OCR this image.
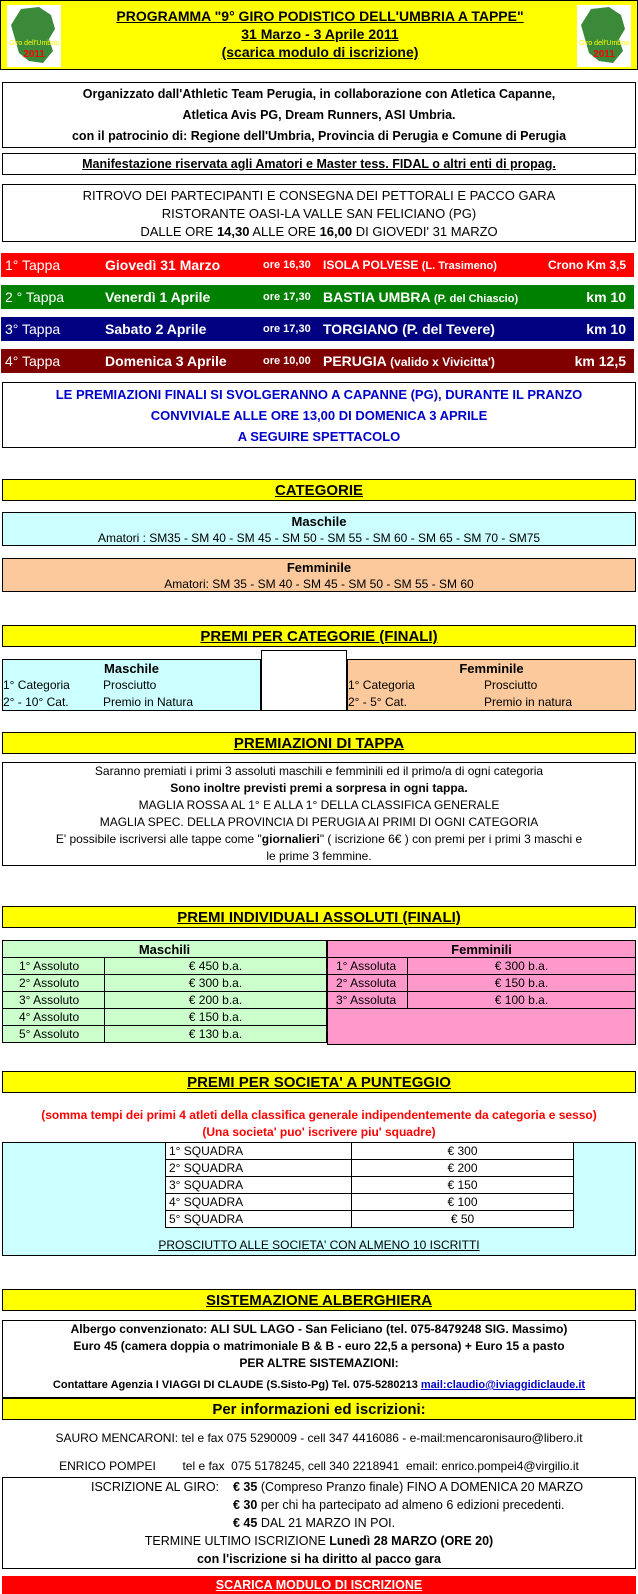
Giro dell'Umbria
2011
PROGRAMMA "9° GIRO PODISTICO DELL'UMBRIA A TAPPE"
31 Marzo - 3 Aprile 2011
(scarica modulo di iscrizione)
Giro dell'Umbria
2011
Organizzato dall'Athletic Team Perugia, in collaborazione con Atletica Capanne,
Atletica Avis PG, Dream Runners, ASI Umbria.
con il patrocinio di: Regione dell'Umbria, Provincia di Perugia e Comune di Perugia
Manifestazione riservata agli Amatori e Master tess. FIDAL o altri enti di propag.
RITROVO DEI PARTECIPANTI E CONSEGNA DEI PETTORALI E PACCO GARA
RISTORANTE OASI-LA VALLE SAN FELICIANO (PG)
DALLE ORE 14,30 ALLE ORE 16,00 DI GIOVEDI' 31 MARZO
1° Tappa	Giovedì 31 Marzo	ore 16,30 ISOLA POLVESE (L. Trasimeno)	Crono Km 3,5
2 ° Tappa	Venerdì 1 Aprile	ore 17,30 BASTIA UMBRA (P. del Chiascio)	km 10
3° Tappa	Sabato 2 Aprile	ore 17,30 TORGIANO (P. del Tevere)	km 10
4° Tappa	Domenica 3 Aprile	ore 10,00 PERUGIA (valido x Vivicitta')	km 12,5
LE PREMIAZIONI FINALI SI SVOLGERANNO A CAPANNE (PG), DURANTE IL PRANZO
CONVIVIALE ALLE ORE 13,00 DI DOMENICA 3 APRILE
A SEGUIRE SPETTACOLO
CATEGORIE
Maschile
Amatori : SM35 - SM 40 - SM 45 - SM 50 - SM 55 - SM 60 - SM 65 - SM 70 - SM75
Femminile
Amatori: SM 35 - SM 40 - SM 45 - SM 50 - SM 55 - SM 60
PREMI PER CATEGORIE (FINALI)
Maschile
1° Categoria	Prosciutto
2° - 10° Cat.	Premio in Natura
Femminile
1° Categoria	Prosciutto
2° - 5° Cat.	Premio in natura
PREMIAZIONI DI TAPPA
Saranno premiati i primi 3 assoluti maschili e femminili ed il primo/a di ogni categoria
Sono inoltre previsti premi a sorpresa in ogni tappa.
MAGLIA ROSSA AL 1° E ALLA 1° DELLA CLASSIFICA GENERALE
MAGLIA SPEC. DELLA PROVINCIA DI PERUGIA AI PRIMI DI OGNI CATEGORIA
E' possibile iscriversi alle tappe come "giornalieri" ( iscrizione 6€ ) con premi per i primi 3 maschi e
le prime 3 femmine.
PREMI INDIVIDUALI ASSOLUTI (FINALI)
Maschili	
1° Assoluto	€ 450 b.a.
2° Assoluto	€ 300 b.a.
3° Assoluto	€ 200 b.a.
4° Assoluto	€ 150 b.a.
5° Assoluto	€ 130 b.a.
Femminili	
1° Assoluta	€ 300 b.a.
2° Assoluta	€ 150 b.a.
3° Assoluta	€ 100 b.a.

PREMI PER SOCIETA' A PUNTEGGIO
(somma tempi dei primi 4 atleti della classifica generale indipendentemente da categoria e sesso)
(Una societa' puo' iscrivere piu' squadre)
1° SQUADRA	€ 300
2° SQUADRA	€ 200
3° SQUADRA	€ 150
4° SQUADRA	€ 100
5° SQUADRA	€ 50
PROSCIUTTO ALLE SOCIETA' CON ALMENO 10 ISCRITTI
SISTEMAZIONE ALBERGHIERA
Albergo convenzionato: ALI SUL LAGO - San Feliciano (tel. 075-8479248 SIG. Massimo)
Euro 45 (camera doppia o matrimoniale B & B - euro 22,5 a persona) + Euro 15 a pasto
PER ALTRE SISTEMAZIONI:
Contattare Agenzia I VIAGGI DI CLAUDE (S.Sisto-Pg) Tel. 075-5280213 mail:claudio@iviaggidiclaude.it
Per informazioni ed iscrizioni:
SAURO MENCARONI: tel e fax 075 5290009 - cell 347 4416086 - e-mail:mencaronisauro@libero.it
ENRICO POMPEI        tel e fax  075 5178245, cell 340 2218941  email: enrico.pompei4@virgilio.it
ISCRIZIONE AL GIRO: € 35 (Compreso Pranzo finale) FINO A DOMENICA 20 MARZO
€ 30 per chi ha partecipato ad almeno 6 edizioni precedenti.
€ 45 DAL 21 MARZO IN POI.
TERMINE ULTIMO ISCRIZIONE Lunedì 28 MARZO (ORE 20)
con l'iscrizione si ha diritto al pacco gara
SCARICA MODULO DI ISCRIZIONE
